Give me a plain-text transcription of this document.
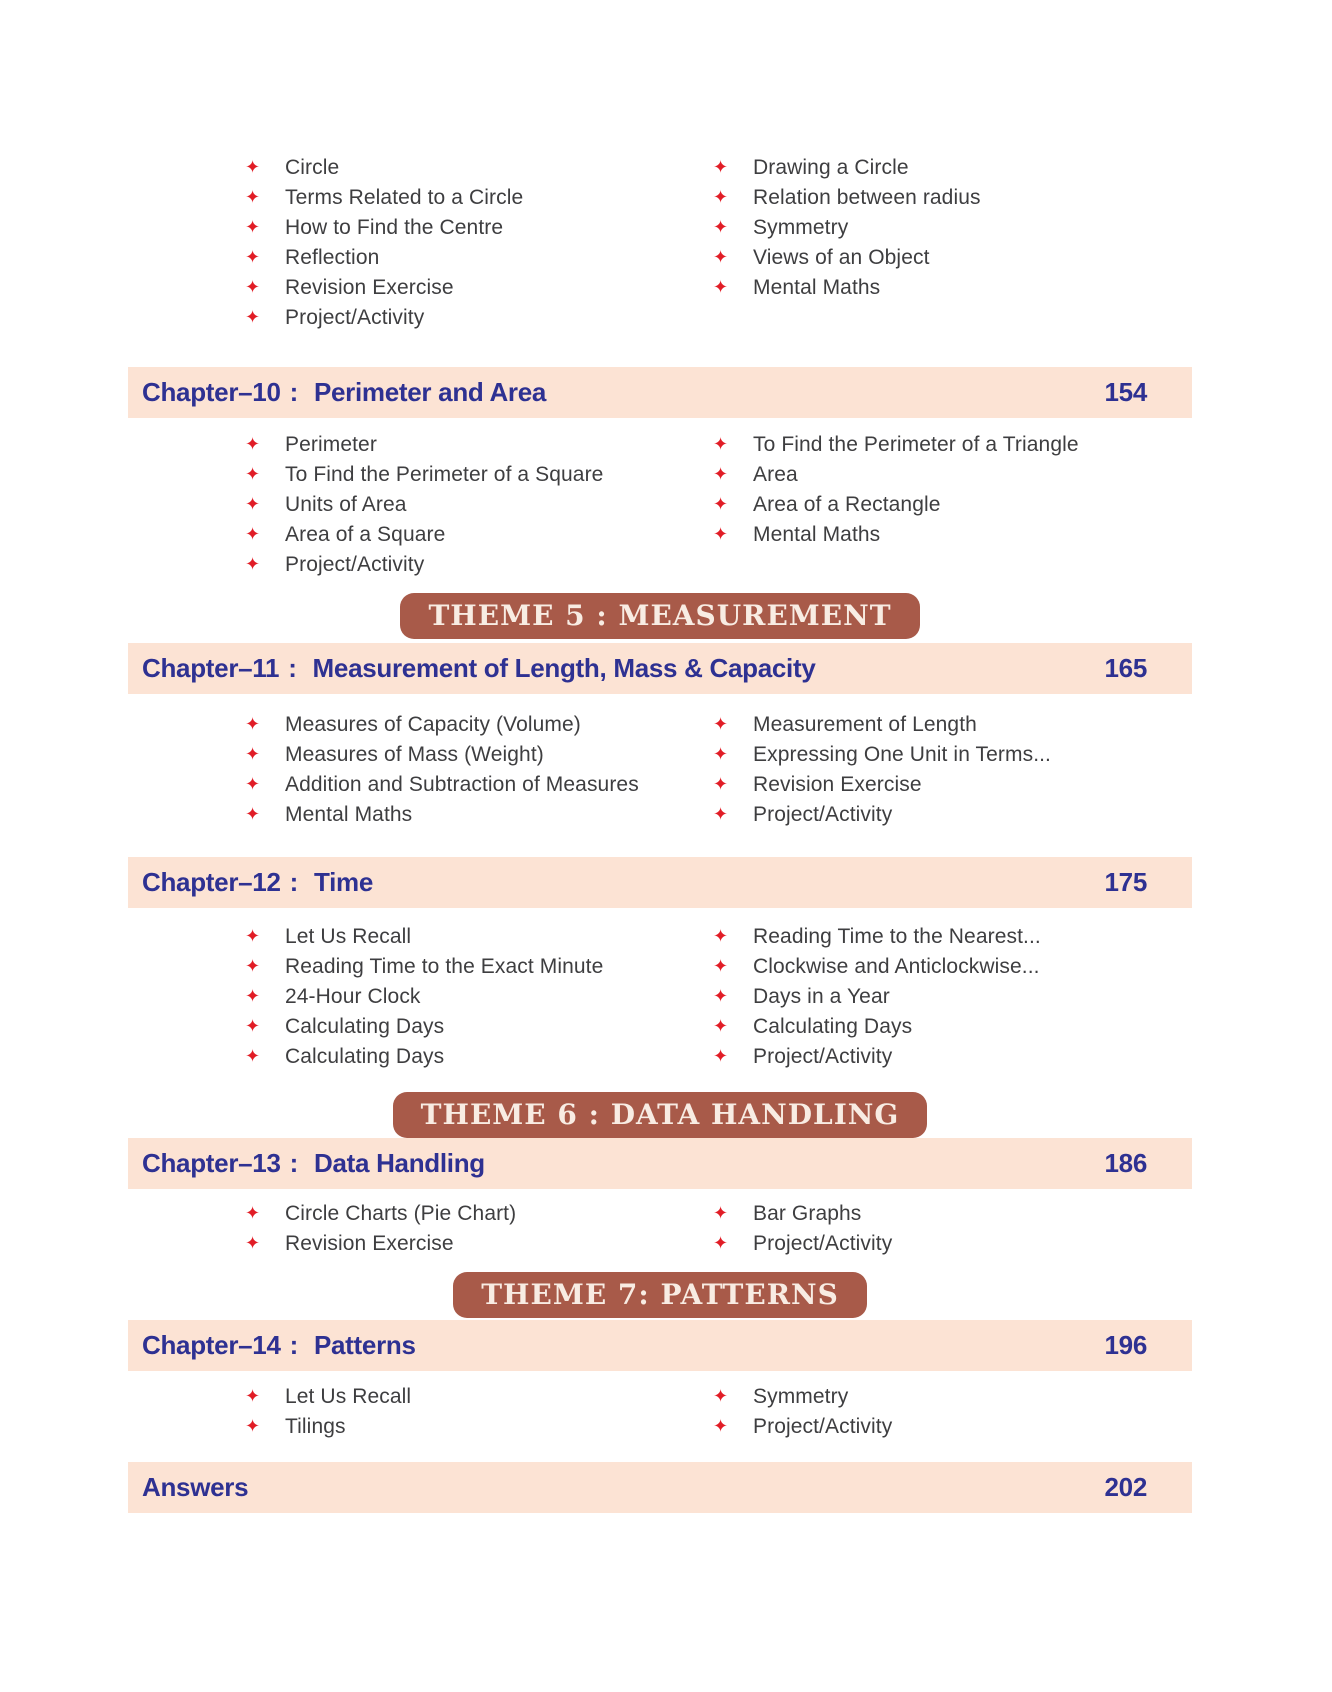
✦	Circle
✦	Terms Related to a Circle
✦	How to Find the Centre
✦	Reflection
✦	Revision Exercise
✦	Project/Activity
✦	Drawing a Circle
✦	Relation between radius
✦	Symmetry
✦	Views of an Object
✦	Mental Maths
Chapter–10 : Perimeter and Area	154
✦	Perimeter
✦	To Find the Perimeter of a Square
✦	Units of Area
✦	Area of a Square
✦	Project/Activity
✦	To Find the Perimeter of a Triangle
✦	Area
✦	Area of a Rectangle
✦	Mental Maths
THEME 5 : MEASUREMENT
Chapter–11 : Measurement of Length, Mass & Capacity	165
✦	Measures of Capacity (Volume)
✦	Measures of Mass (Weight)
✦	Addition and Subtraction of Measures
✦	Mental Maths
✦	Measurement of Length
✦	Expressing One Unit in Terms...
✦	Revision Exercise
✦	Project/Activity
Chapter–12 : Time	175
✦	Let Us Recall
✦	Reading Time to the Exact Minute
✦	24-Hour Clock
✦	Calculating Days
✦	Calculating Days
✦	Reading Time to the Nearest...
✦	Clockwise and Anticlockwise...
✦	Days in a Year
✦	Calculating Days
✦	Project/Activity
THEME 6 : DATA HANDLING
Chapter–13 : Data Handling	186
✦	Circle Charts (Pie Chart)
✦	Revision Exercise
✦	Bar Graphs
✦	Project/Activity
THEME 7: PATTERNS
Chapter–14 : Patterns	196
✦	Let Us Recall
✦	Tilings
✦	Symmetry
✦	Project/Activity
Answers	202
